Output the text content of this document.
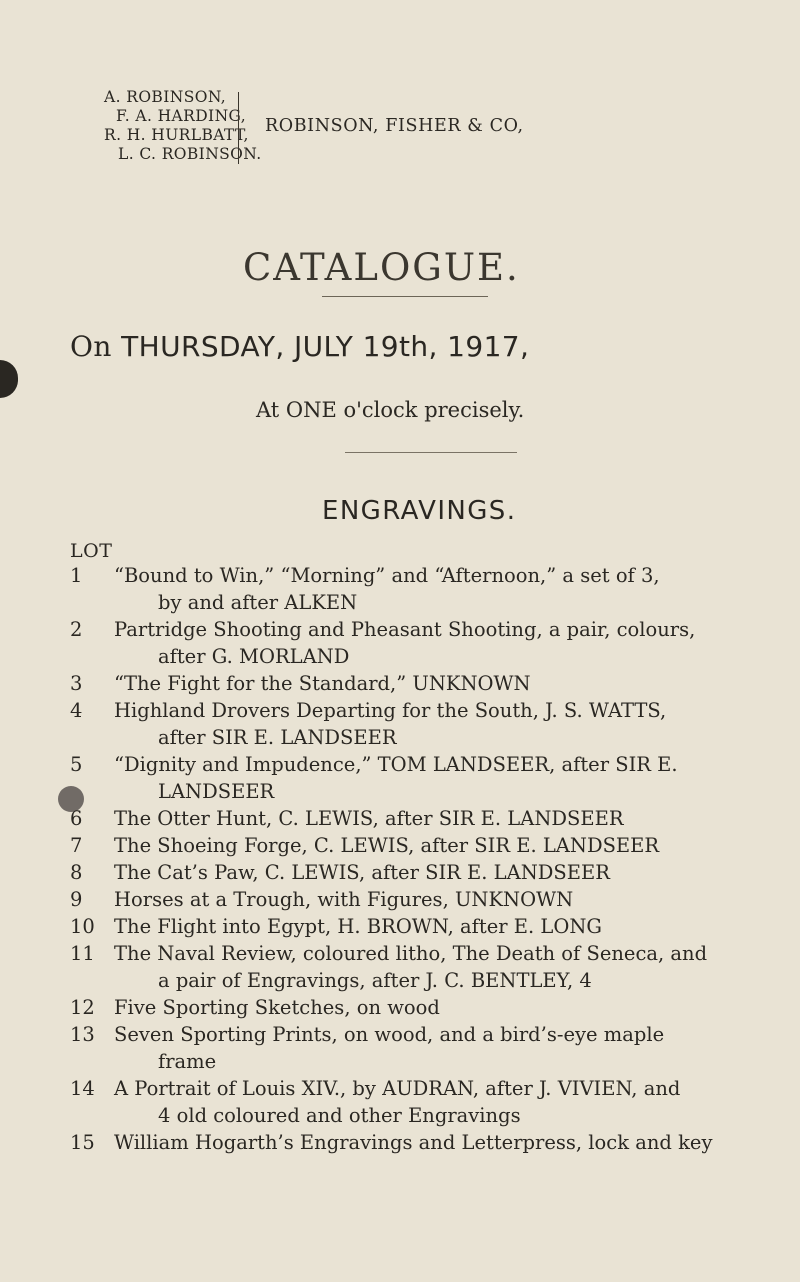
A. ROBINSON,
F. A. HARDING,
R. H. HURLBATT,
L. C. ROBINSON.
ROBINSON, FISHER & CO,
CATALOGUE.
On THURSDAY, JULY 19th, 1917,
At ONE o'clock precisely.
ENGRAVINGS.
LOT
1	“Bound to Win,” “Morning” and “Afternoon,” a set of 3,
by and after ALKEN
2	Partridge Shooting and Pheasant Shooting, a pair, colours,
after G. MORLAND
3	“The Fight for the Standard,” UNKNOWN
4	Highland Drovers Departing for the South, J. S. WATTS,
after SIR E. LANDSEER
5	“Dignity and Impudence,” TOM LANDSEER, after SIR E.
LANDSEER
6	The Otter Hunt, C. LEWIS, after SIR E. LANDSEER
7	The Shoeing Forge, C. LEWIS, after SIR E. LANDSEER
8	The Cat’s Paw, C. LEWIS, after SIR E. LANDSEER
9	Horses at a Trough, with Figures, UNKNOWN
10 The Flight into Egypt, H. BROWN, after E. LONG
11 The Naval Review, coloured litho, The Death of Seneca, and
a pair of Engravings, after J. C. BENTLEY, 4
12 Five Sporting Sketches, on wood
13 Seven Sporting Prints, on wood, and a bird’s-eye maple
frame
14 A Portrait of Louis XIV., by AUDRAN, after J. VIVIEN, and
4 old coloured and other Engravings
15 William Hogarth’s Engravings and Letterpress, lock and key
